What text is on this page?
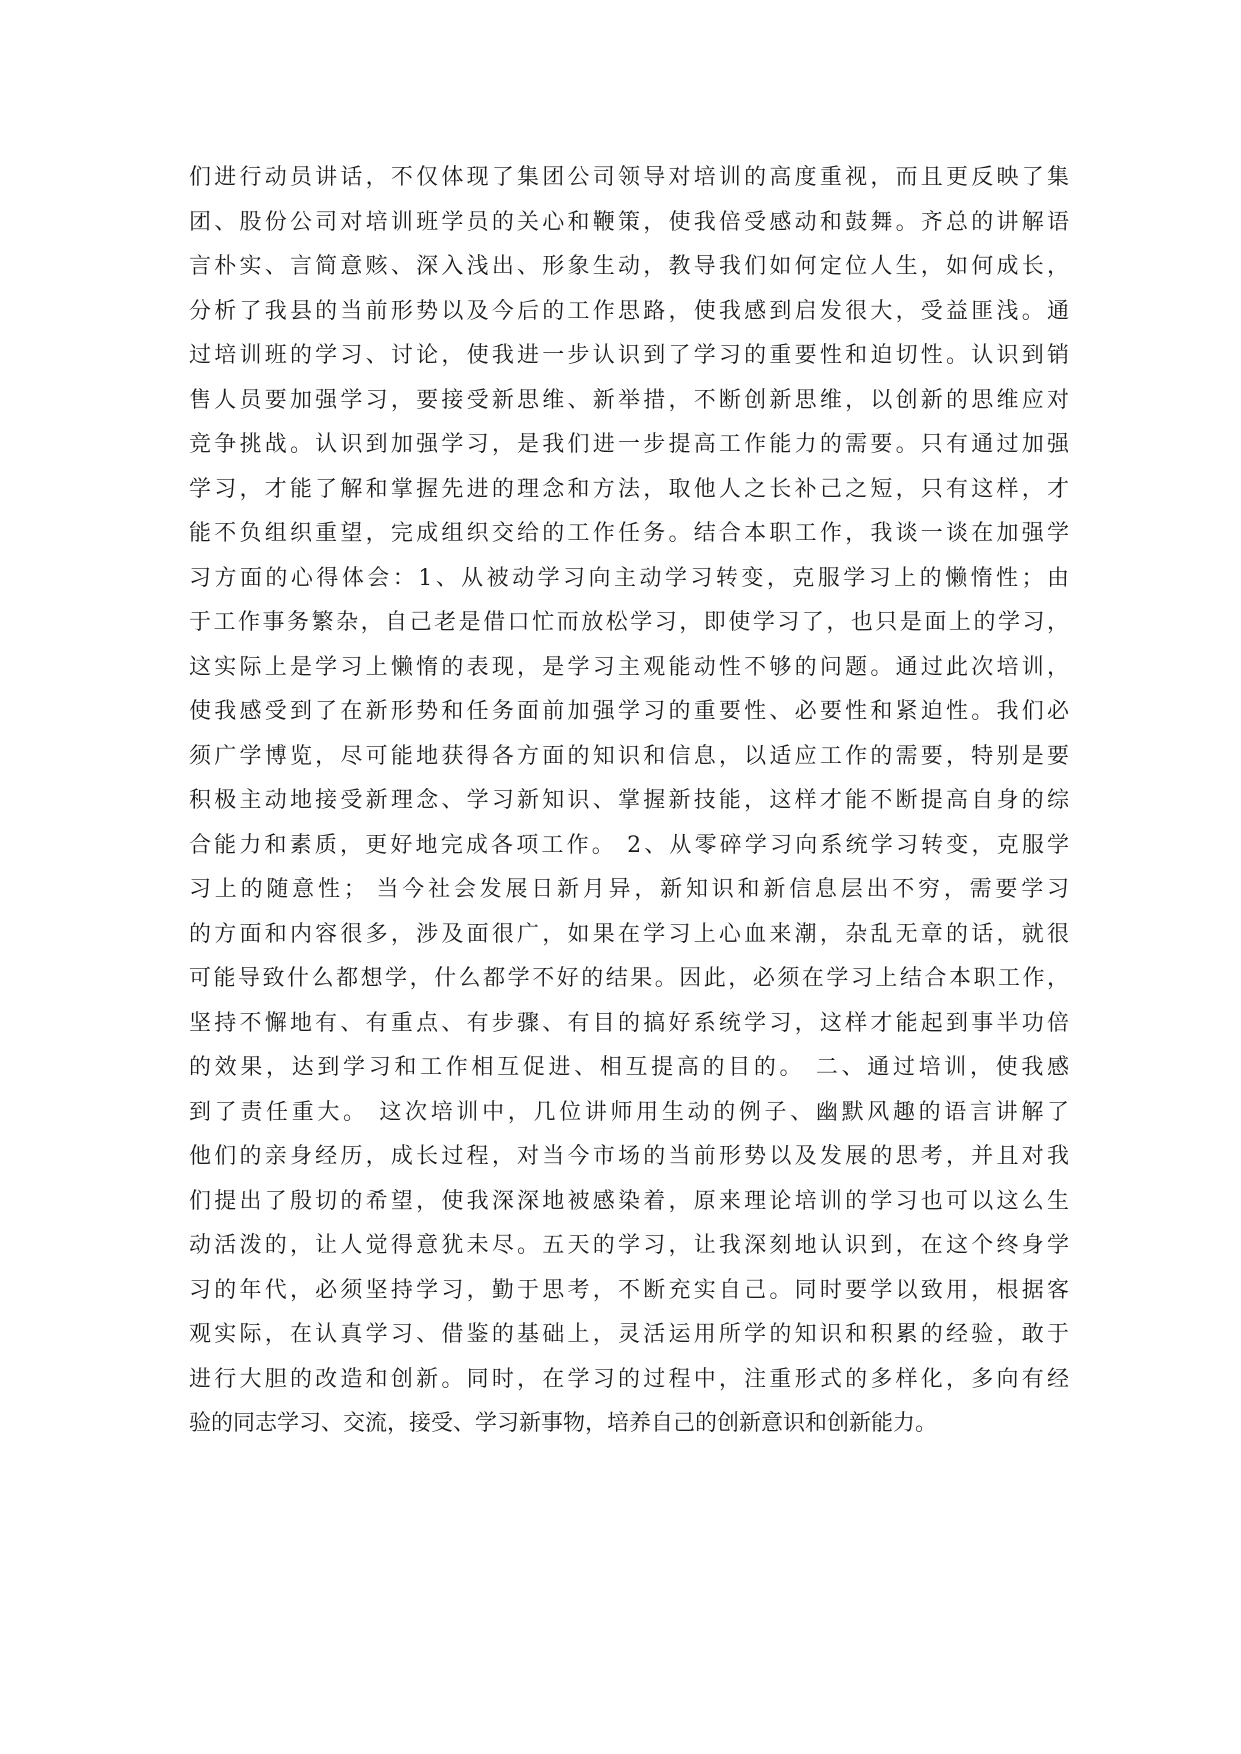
们进行动员讲话，不仅体现了集团公司领导对培训的高度重视，而且更反映了集
团、股份公司对培训班学员的关心和鞭策，使我倍受感动和鼓舞。齐总的讲解语
言朴实、言简意赅、深入浅出、形象生动，教导我们如何定位人生，如何成长，
分析了我县的当前形势以及今后的工作思路，使我感到启发很大，受益匪浅。通
过培训班的学习、讨论，使我进一步认识到了学习的重要性和迫切性。认识到销
售人员要加强学习，要接受新思维、新举措，不断创新思维，以创新的思维应对
竞争挑战。认识到加强学习，是我们进一步提高工作能力的需要。只有通过加强
学习，才能了解和掌握先进的理念和方法，取他人之长补己之短，只有这样，才
能不负组织重望，完成组织交给的工作任务。结合本职工作，我谈一谈在加强学
习方面的心得体会：1、从被动学习向主动学习转变，克服学习上的懒惰性；由
于工作事务繁杂，自己老是借口忙而放松学习，即使学习了，也只是面上的学习，
这实际上是学习上懒惰的表现，是学习主观能动性不够的问题。通过此次培训，
使我感受到了在新形势和任务面前加强学习的重要性、必要性和紧迫性。我们必
须广学博览，尽可能地获得各方面的知识和信息，以适应工作的需要，特别是要
积极主动地接受新理念、学习新知识、掌握新技能，这样才能不断提高自身的综
合能力和素质，更好地完成各项工作。 2、从零碎学习向系统学习转变，克服学
习上的随意性； 当今社会发展日新月异，新知识和新信息层出不穷，需要学习
的方面和内容很多，涉及面很广，如果在学习上心血来潮，杂乱无章的话，就很
可能导致什么都想学，什么都学不好的结果。因此，必须在学习上结合本职工作，
坚持不懈地有、有重点、有步骤、有目的搞好系统学习，这样才能起到事半功倍
的效果，达到学习和工作相互促进、相互提高的目的。 二、通过培训，使我感
到了责任重大。 这次培训中，几位讲师用生动的例子、幽默风趣的语言讲解了
他们的亲身经历，成长过程，对当今市场的当前形势以及发展的思考，并且对我
们提出了殷切的希望，使我深深地被感染着，原来理论培训的学习也可以这么生
动活泼的，让人觉得意犹未尽。五天的学习，让我深刻地认识到，在这个终身学
习的年代，必须坚持学习，勤于思考，不断充实自己。同时要学以致用，根据客
观实际，在认真学习、借鉴的基础上，灵活运用所学的知识和积累的经验，敢于
进行大胆的改造和创新。同时，在学习的过程中，注重形式的多样化，多向有经
验的同志学习、交流，接受、学习新事物，培养自己的创新意识和创新能力。
